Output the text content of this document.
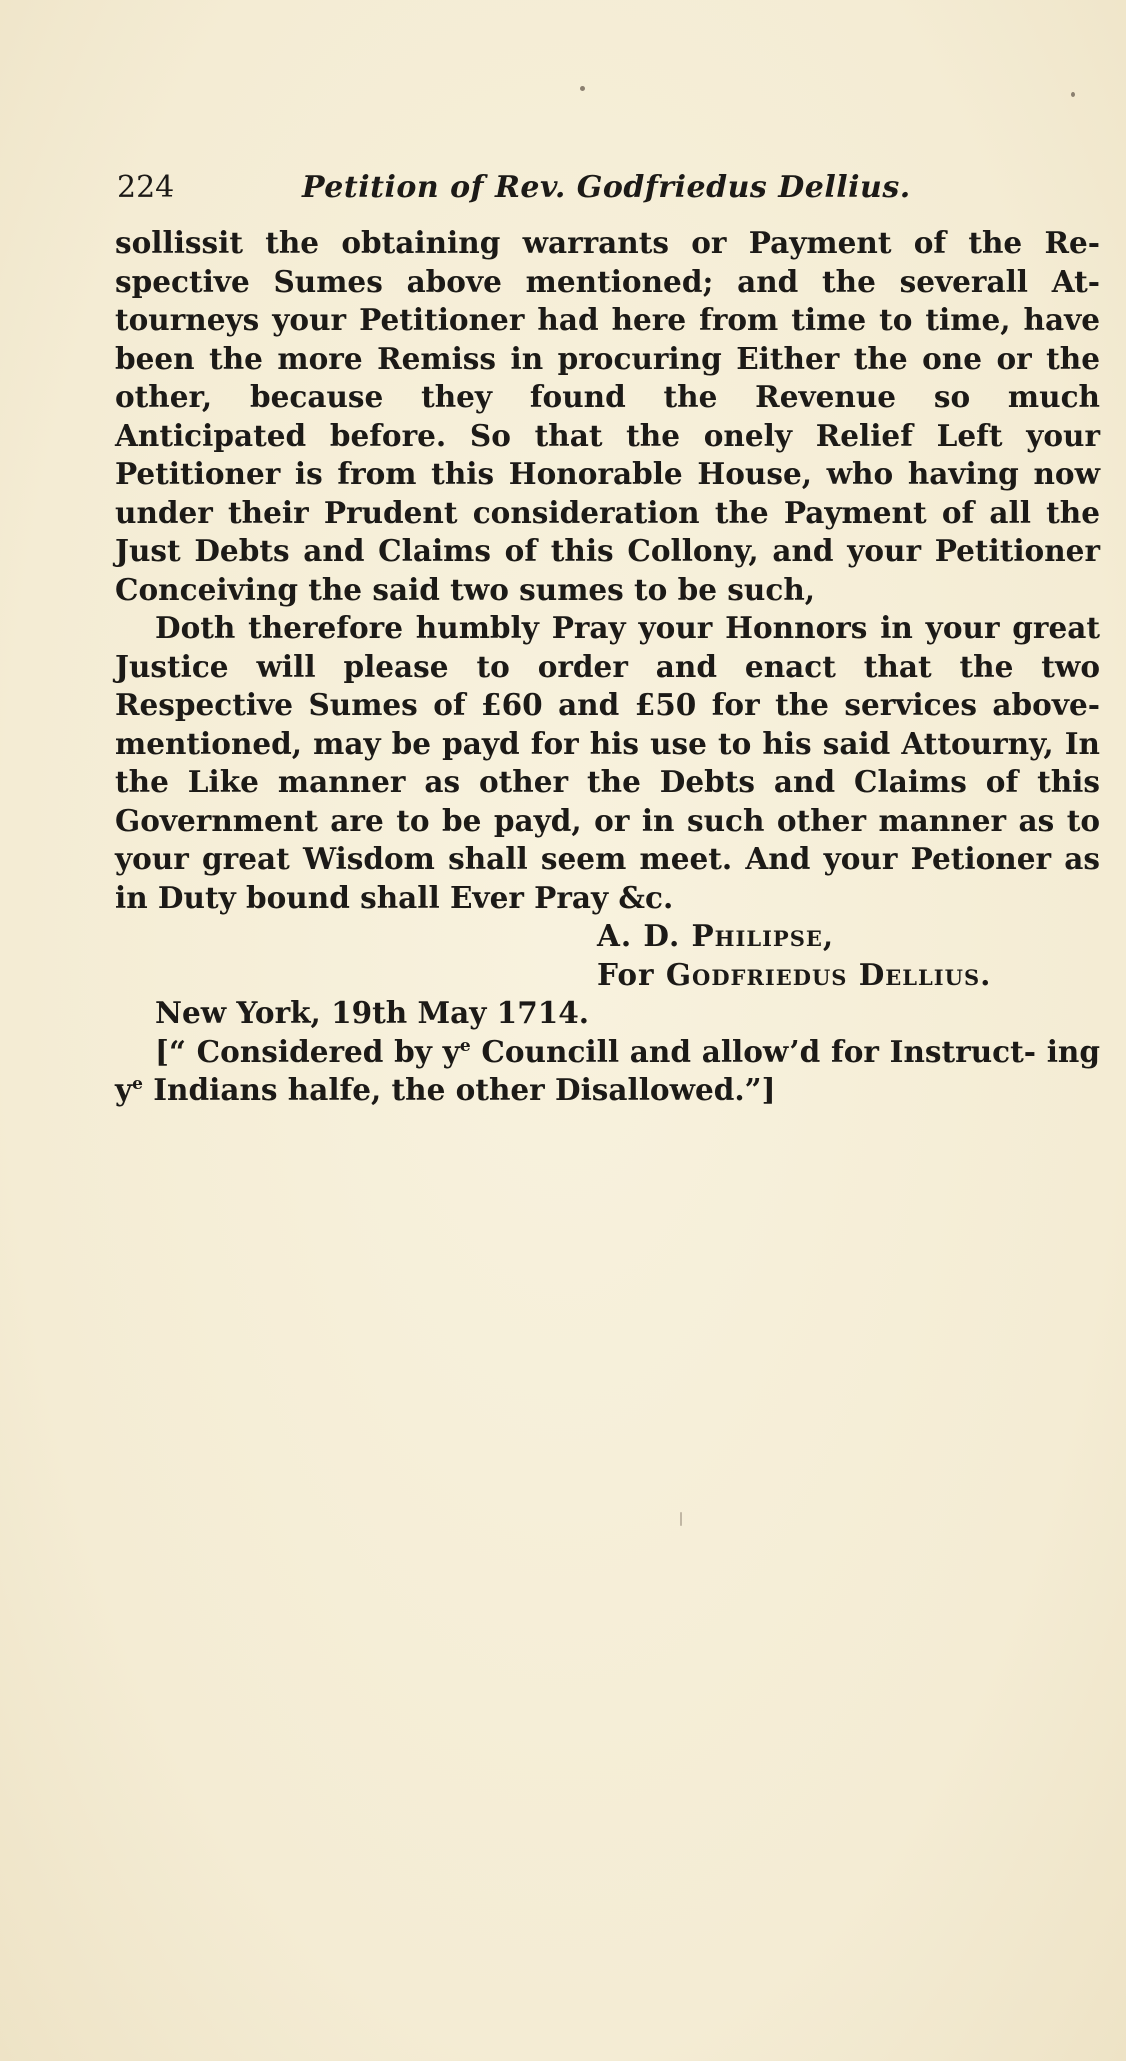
224	Petition of Rev. Godfriedus Dellius.

sollissit the obtaining warrants or Payment of the Re- spective Sumes above mentioned; and the severall At- tourneys your Petitioner had here from time to time, have been the more Remiss in procuring Either the one or the other, because they found the Revenue so much Anticipated before. So that the onely Relief Left your Petitioner is from this Honorable House, who having now under their Prudent consideration the Payment of all the Just Debts and Claims of this Collony, and your Petitioner Conceiving the said two sumes to be such,

Doth therefore humbly Pray your Honnors in your great Justice will please to order and enact that the two Respective Sumes of £60 and £50 for the services above- mentioned, may be payd for his use to his said Attourny, In the Like manner as other the Debts and Claims of this Government are to be payd, or in such other manner as to your great Wisdom shall seem meet. And your Petioner as in Duty bound shall Ever Pray &c.

A. D. Philipse,

For Godfriedus Dellius.

New York, 19th May 1714.

[“ Considered by $y^e$ Councill and allow’d for Instruct- ing $y^e$ Indians halfe, the other Disallowed.”]
